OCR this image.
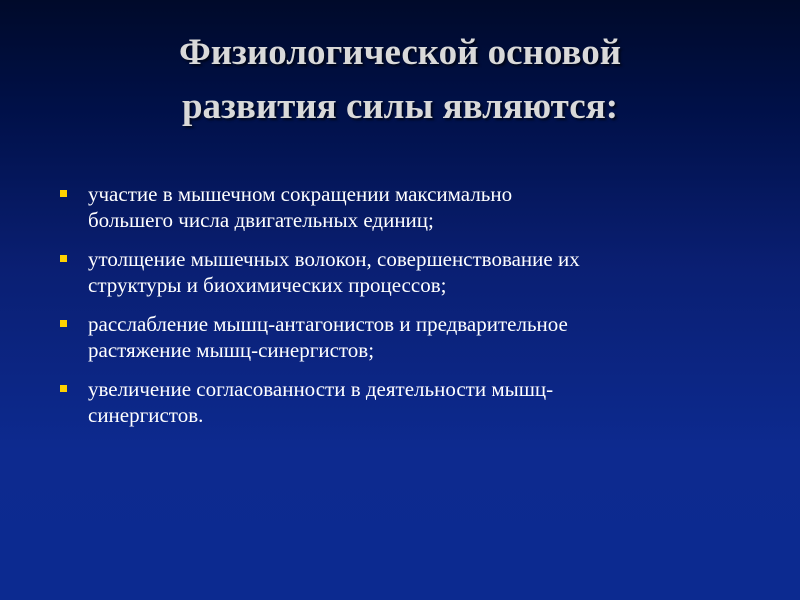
Физиологической основой
развития силы являются:
участие в мышечном сокращении максимально
большего числа двигательных единиц;
утолщение мышечных волокон, совершенствование их
структуры и биохимических процессов;
расслабление мышц-антагонистов и предварительное
растяжение мышц-синергистов;
увеличение согласованности в деятельности мышц-
синергистов.
